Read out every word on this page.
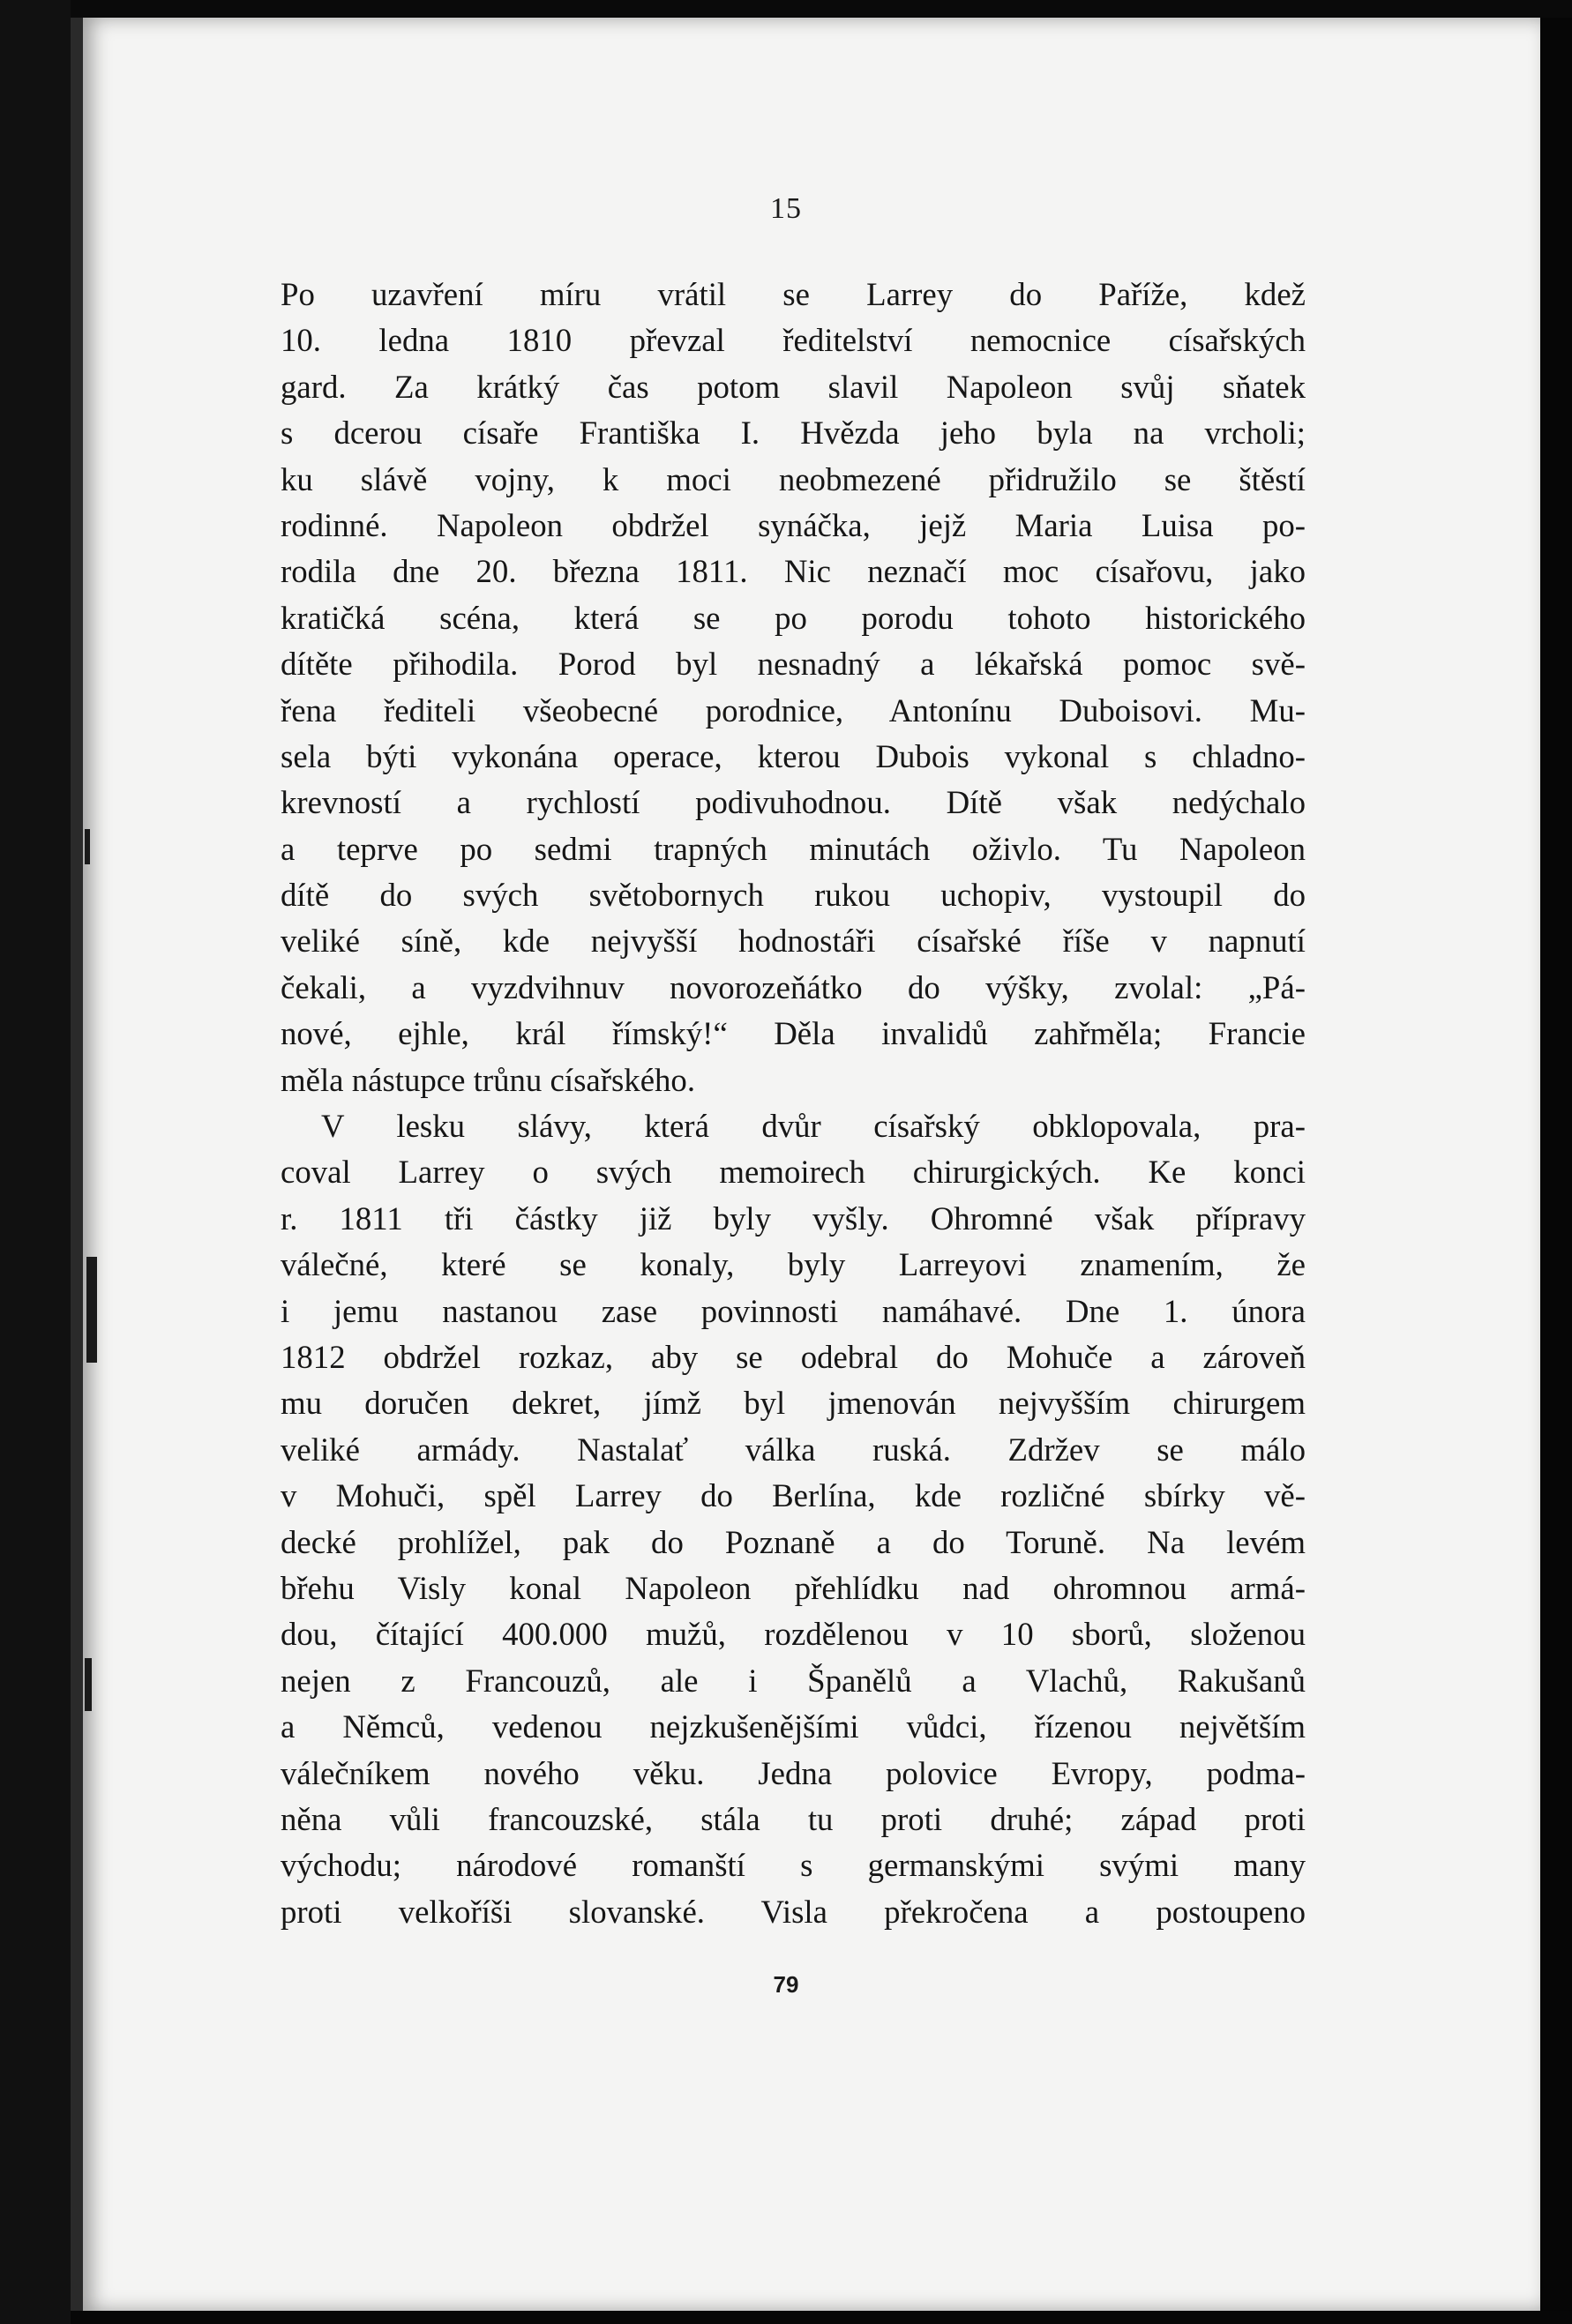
15
Po uzavření míru vrátil se Larrey do Paříže, kdež
10. ledna 1810 převzal ředitelství nemocnice císařských
gard. Za krátký čas potom slavil Napoleon svůj sňatek
s dcerou císaře Františka I. Hvězda jeho byla na vrcholi;
ku slávě vojny, k moci neobmezené přidružilo se štěstí
rodinné. Napoleon obdržel synáčka, jejž Maria Luisa po-
rodila dne 20. března 1811. Nic neznačí moc císařovu, jako
kratičká scéna, která se po porodu tohoto historického
dítěte přihodila. Porod byl nesnadný a lékařská pomoc svě-
řena řediteli všeobecné porodnice, Antonínu Duboisovi. Mu-
sela býti vykonána operace, kterou Dubois vykonal s chladno-
krevností a rychlostí podivuhodnou. Dítě však nedýchalo
a teprve po sedmi trapných minutách oživlo. Tu Napoleon
dítě do svých světobornych rukou uchopiv, vystoupil do
veliké síně, kde nejvyšší hodnostáři císařské říše v napnutí
čekali, a vyzdvihnuv novorozeňátko do výšky, zvolal: „Pá-
nové, ejhle, král římský!“ Děla invalidů zahřměla; Francie
měla nástupce trůnu císařského.
V lesku slávy, která dvůr císařský obklopovala, pra-
coval Larrey o svých memoirech chirurgických. Ke konci
r. 1811 tři částky již byly vyšly. Ohromné však přípravy
válečné, které se konaly, byly Larreyovi znamením, že
i jemu nastanou zase povinnosti namáhavé. Dne 1. února
1812 obdržel rozkaz, aby se odebral do Mohuče a zároveň
mu doručen dekret, jímž byl jmenován nejvyšším chirurgem
veliké armády. Nastalať válka ruská. Zdržev se málo
v Mohuči, spěl Larrey do Berlína, kde rozličné sbírky vě-
decké prohlížel, pak do Poznaně a do Toruně. Na levém
břehu Visly konal Napoleon přehlídku nad ohromnou armá-
dou, čítající 400.000 mužů, rozdělenou v 10 sborů, složenou
nejen z Francouzů, ale i Španělů a Vlachů, Rakušanů
a Němců, vedenou nejzkušenějšími vůdci, řízenou největším
válečníkem nového věku. Jedna polovice Evropy, podma-
něna vůli francouzské, stála tu proti druhé; západ proti
východu; národové romanští s germanskými svými many
proti velkoříši slovanské. Visla překročena a postoupeno
79
